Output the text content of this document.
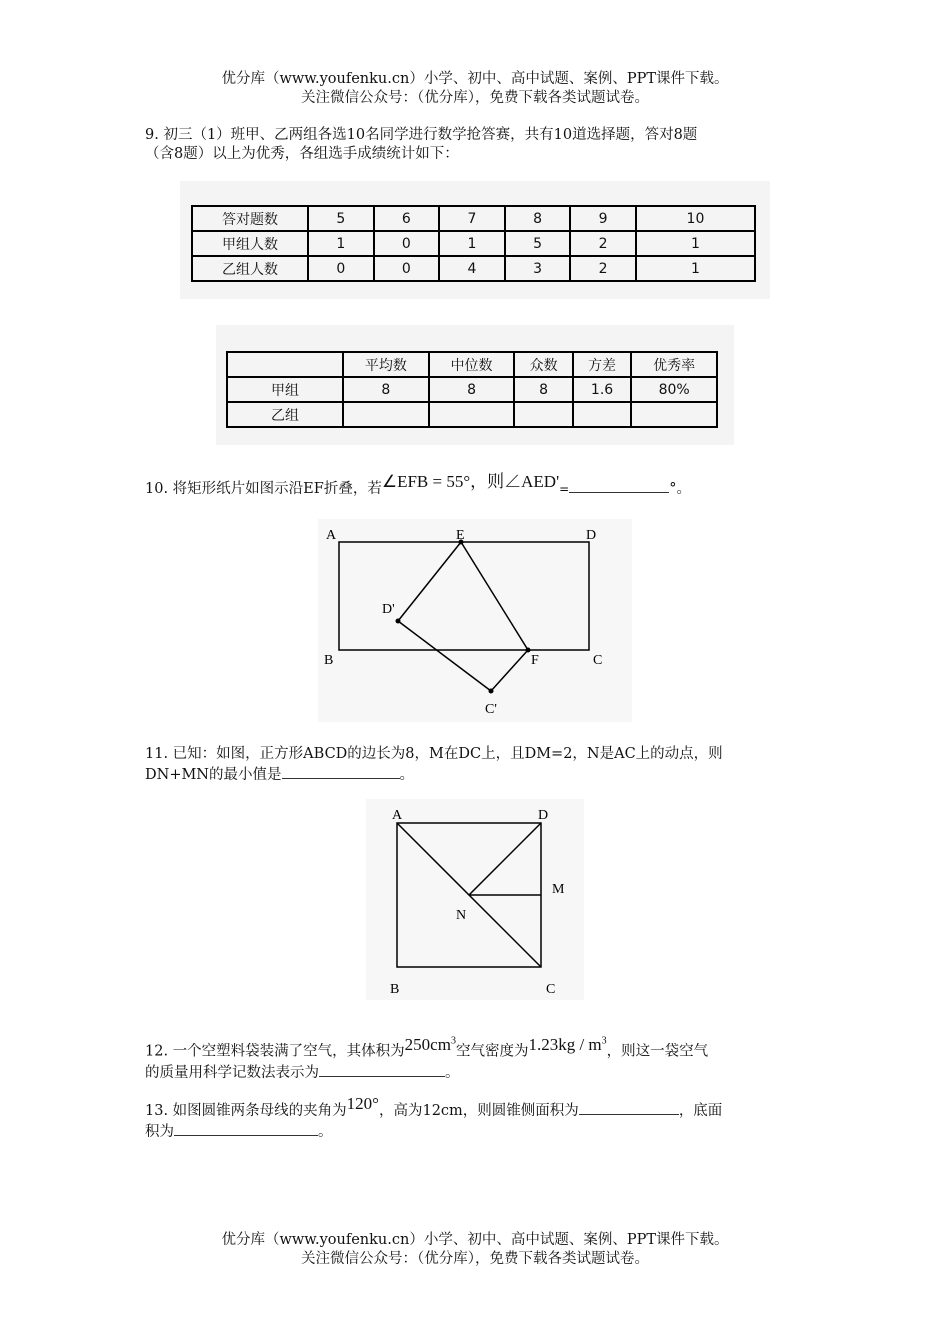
优分库（www.youfenku.cn）小学、初中、高中试题、案例、PPT课件下载。
关注微信公众号：（优分库），免费下载各类试题试卷。
9. 初三（1）班甲、乙两组各选10名同学进行数学抢答赛，共有10道选择题，答对8题
（含8题）以上为优秀，各组选手成绩统计如下：
答对题数	5	6	7	8	9	10
甲组人数	1	0	1	5	2	1
乙组人数	0	0	4	3	2	1
	平均数	中位数	众数	方差	优秀率
甲组	8	8	8	1.6	80%
乙组					
10. 将矩形纸片如图示沿EF折叠，若∠EFB = 55°，则∠AED'=	°。
A	E	D
D'
B	F	C
C'
11. 已知：如图，正方形ABCD的边长为8，M在DC上，且DM=2，N是AC上的动点，则
DN+MN的最小值是	。
A	D
M
N
B	C
12. 一个空塑料袋装满了空气，其体积为$250cm^3$空气密度为$1.23kg / m^3$，则这一袋空气
的质量用科学记数法表示为	。
13. 如图圆锥两条母线的夹角为120°，高为12cm，则圆锥侧面积为	，底面
积为	。
优分库（www.youfenku.cn）小学、初中、高中试题、案例、PPT课件下载。
关注微信公众号：（优分库），免费下载各类试题试卷。
